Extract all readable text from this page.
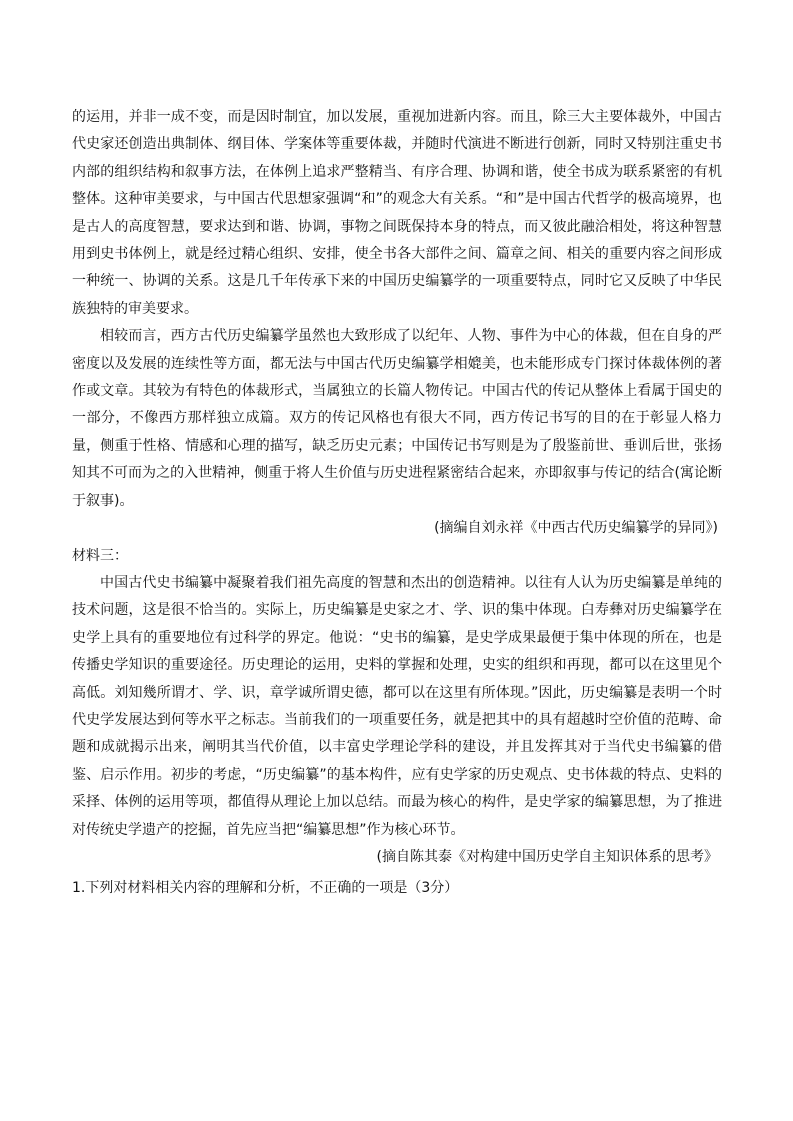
的运用，并非一成不变，而是因时制宜，加以发展，重视加进新内容。而且，除三大主要体裁外，中国古代史家还创造出典制体、纲目体、学案体等重要体裁，并随时代演进不断进行创新，同时又特别注重史书内部的组织结构和叙事方法，在体例上追求严整精当、有序合理、协调和谐，使全书成为联系紧密的有机整体。这种审美要求，与中国古代思想家强调“和”的观念大有关系。“和”是中国古代哲学的极高境界，也是古人的高度智慧，要求达到和谐、协调，事物之间既保持本身的特点，而又彼此融洽相处，将这种智慧用到史书体例上，就是经过精心组织、安排，使全书各大部件之间、篇章之间、相关的重要内容之间形成一种统一、协调的关系。这是几千年传承下来的中国历史编纂学的一项重要特点，同时它又反映了中华民族独特的审美要求。

相较而言，西方古代历史编纂学虽然也大致形成了以纪年、人物、事件为中心的体裁，但在自身的严密度以及发展的连续性等方面，都无法与中国古代历史编纂学相媲美，也未能形成专门探讨体裁体例的著作或文章。其较为有特色的体裁形式，当属独立的长篇人物传记。中国古代的传记从整体上看属于国史的一部分，不像西方那样独立成篇。双方的传记风格也有很大不同，西方传记书写的目的在于彰显人格力量，侧重于性格、情感和心理的描写，缺乏历史元素；中国传记书写则是为了殷鉴前世、垂训后世，张扬知其不可而为之的入世精神，侧重于将人生价值与历史进程紧密结合起来，亦即叙事与传记的结合(寓论断于叙事)。

(摘编自刘永祥《中西古代历史编纂学的异同》)

材料三：

中国古代史书编纂中凝聚着我们祖先高度的智慧和杰出的创造精神。以往有人认为历史编纂是单纯的技术问题，这是很不恰当的。实际上，历史编纂是史家之才、学、识的集中体现。白寿彝对历史编纂学在史学上具有的重要地位有过科学的界定。他说：“史书的编纂，是史学成果最便于集中体现的所在，也是传播史学知识的重要途径。历史理论的运用，史料的掌握和处理，史实的组织和再现，都可以在这里见个高低。刘知幾所谓才、学、识，章学诚所谓史德，都可以在这里有所体现。”因此，历史编纂是表明一个时代史学发展达到何等水平之标志。当前我们的一项重要任务，就是把其中的具有超越时空价值的范畴、命题和成就揭示出来，阐明其当代价值，以丰富史学理论学科的建设，并且发挥其对于当代史书编纂的借鉴、启示作用。初步的考虑，“历史编纂”的基本构件，应有史学家的历史观点、史书体裁的特点、史料的采择、体例的运用等项，都值得从理论上加以总结。而最为核心的构件，是史学家的编纂思想，为了推进对传统史学遗产的挖掘，首先应当把“编纂思想”作为核心环节。

(摘自陈其泰《对构建中国历史学自主知识体系的思考》

1.下列对材料相关内容的理解和分析，不正确的一项是（3分）
